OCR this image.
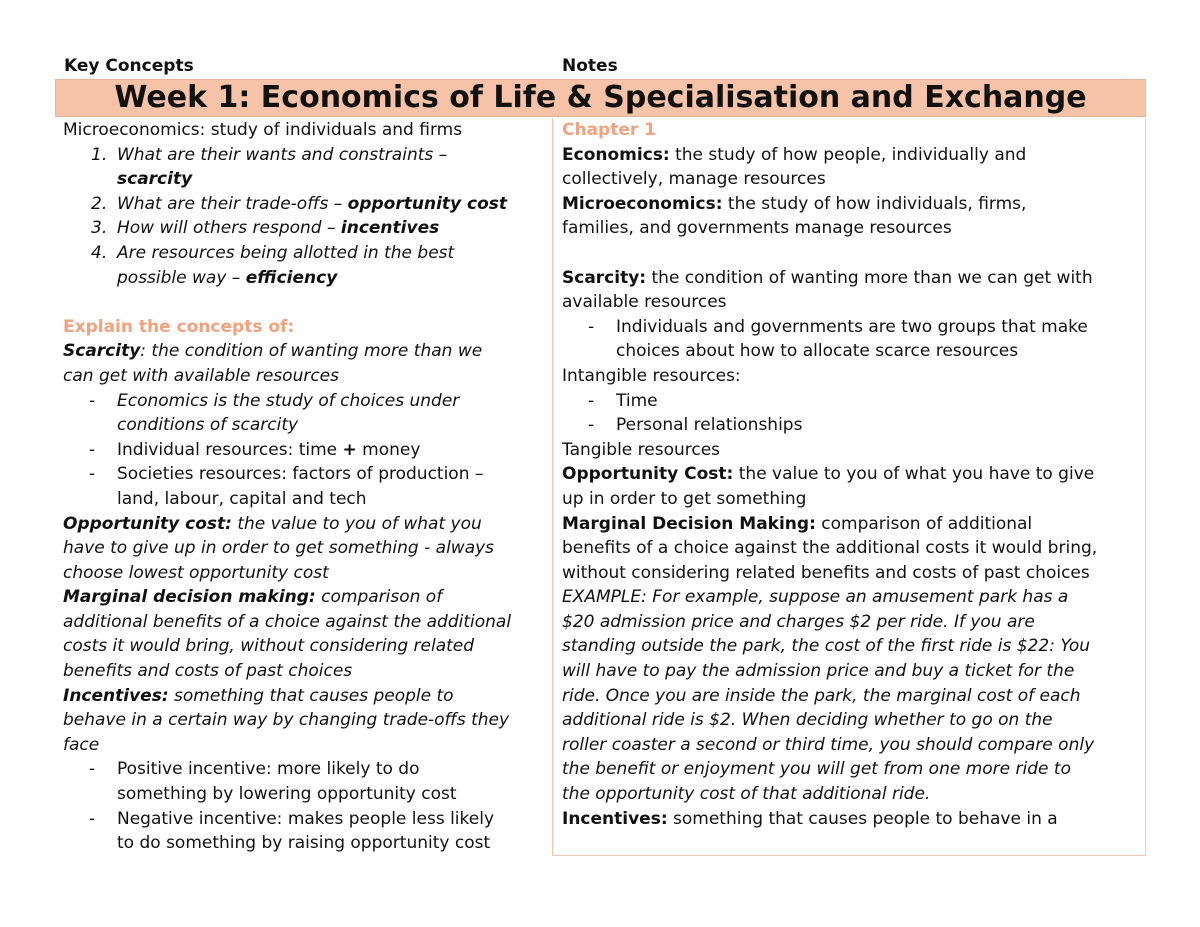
Key Concepts	Notes
Week 1: Economics of Life & Specialisation and Exchange
Microeconomics: study of individuals and firms
1. What are their wants and constraints –
scarcity
2. What are their trade-offs – opportunity cost
3. How will others respond – incentives
4. Are resources being allotted in the best
possible way – efficiency
Explain the concepts of:
Scarcity: the condition of wanting more than we
can get with available resources
- Economics is the study of choices under
conditions of scarcity
- Individual resources: time + money
- Societies resources: factors of production –
land, labour, capital and tech
Opportunity cost: the value to you of what you
have to give up in order to get something - always
choose lowest opportunity cost
Marginal decision making: comparison of
additional benefits of a choice against the additional
costs it would bring, without considering related
benefits and costs of past choices
Incentives: something that causes people to
behave in a certain way by changing trade-offs they
face
- Positive incentive: more likely to do
something by lowering opportunity cost
- Negative incentive: makes people less likely
to do something by raising opportunity cost
Chapter 1
Economics: the study of how people, individually and
collectively, manage resources
Microeconomics: the study of how individuals, firms,
families, and governments manage resources
Scarcity: the condition of wanting more than we can get with
available resources
- Individuals and governments are two groups that make
choices about how to allocate scarce resources
Intangible resources:
- Time
- Personal relationships
Tangible resources
Opportunity Cost: the value to you of what you have to give
up in order to get something
Marginal Decision Making: comparison of additional
benefits of a choice against the additional costs it would bring,
without considering related benefits and costs of past choices
EXAMPLE: For example, suppose an amusement park has a
$20 admission price and charges $2 per ride. If you are
standing outside the park, the cost of the first ride is $22: You
will have to pay the admission price and buy a ticket for the
ride. Once you are inside the park, the marginal cost of each
additional ride is $2. When deciding whether to go on the
roller coaster a second or third time, you should compare only
the benefit or enjoyment you will get from one more ride to
the opportunity cost of that additional ride.
Incentives: something that causes people to behave in a
